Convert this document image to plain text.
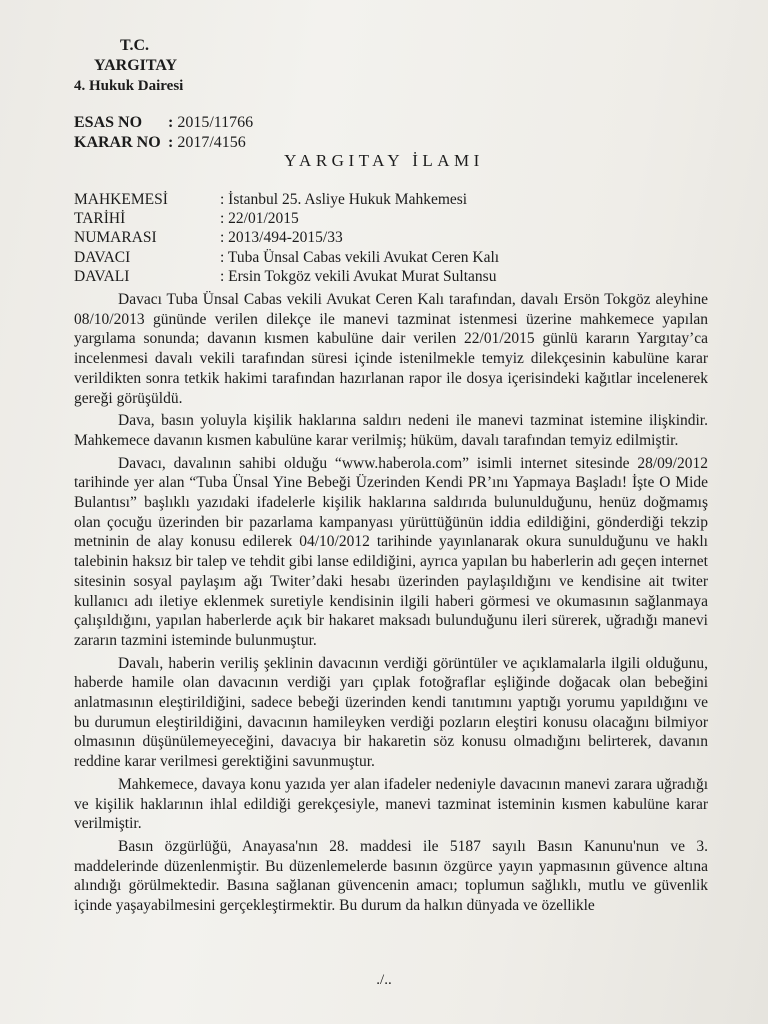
T.C.
YARGITAY
4. Hukuk Dairesi
ESAS NO	: 2015/11766
KARAR NO : 2017/4156
YARGITAY İLAMI
MAHKEMESİ	: İstanbul 25. Asliye Hukuk Mahkemesi
TARİHİ	: 22/01/2015
NUMARASI	: 2013/494-2015/33
DAVACI	: Tuba Ünsal Cabas vekili Avukat Ceren Kalı
DAVALI	: Ersin Tokgöz vekili Avukat Murat Sultansu

Davacı Tuba Ünsal Cabas vekili Avukat Ceren Kalı tarafından, davalı Ersön Tokgöz aleyhine 08/10/2013 gününde verilen dilekçe ile manevi tazminat istenmesi üzerine mahkemece yapılan yargılama sonunda; davanın kısmen kabulüne dair verilen 22/01/2015 günlü kararın Yargıtay’ca incelenmesi davalı vekili tarafından süresi içinde istenilmekle temyiz dilekçesinin kabulüne karar verildikten sonra tetkik hakimi tarafından hazırlanan rapor ile dosya içerisindeki kağıtlar incelenerek gereği görüşüldü.

Dava, basın yoluyla kişilik haklarına saldırı nedeni ile manevi tazminat istemine ilişkindir. Mahkemece davanın kısmen kabulüne karar verilmiş; hüküm, davalı tarafından temyiz edilmiştir.

Davacı, davalının sahibi olduğu “www.haberola.com” isimli internet sitesinde 28/09/2012 tarihinde yer alan “Tuba Ünsal Yine Bebeği Üzerinden Kendi PR’ını Yapmaya Başladı! İşte O Mide Bulantısı” başlıklı yazıdaki ifadelerle kişilik haklarına saldırıda bulunulduğunu, henüz doğmamış olan çocuğu üzerinden bir pazarlama kampanyası yürüttüğünün iddia edildiğini, gönderdiği tekzip metninin de alay konusu edilerek 04/10/2012 tarihinde yayınlanarak okura sunulduğunu ve haklı talebinin haksız bir talep ve tehdit gibi lanse edildiğini, ayrıca yapılan bu haberlerin adı geçen internet sitesinin sosyal paylaşım ağı Twiter’daki hesabı üzerinden paylaşıldığını ve kendisine ait twiter kullanıcı adı iletiye eklenmek suretiyle kendisinin ilgili haberi görmesi ve okumasının sağlanmaya çalışıldığını, yapılan haberlerde açık bir hakaret maksadı bulunduğunu ileri sürerek, uğradığı manevi zararın tazmini isteminde bulunmuştur.

Davalı, haberin veriliş şeklinin davacının verdiği görüntüler ve açıklamalarla ilgili olduğunu, haberde hamile olan davacının verdiği yarı çıplak fotoğraflar eşliğinde doğacak olan bebeğini anlatmasının eleştirildiğini, sadece bebeği üzerinden kendi tanıtımını yaptığı yorumu yapıldığını ve bu durumun eleştirildiğini, davacının hamileyken verdiği pozların eleştiri konusu olacağını bilmiyor olmasının düşünülemeyeceğini, davacıya bir hakaretin söz konusu olmadığını belirterek, davanın reddine karar verilmesi gerektiğini savunmuştur.

Mahkemece, davaya konu yazıda yer alan ifadeler nedeniyle davacının manevi zarara uğradığı ve kişilik haklarının ihlal edildiği gerekçesiyle, manevi tazminat isteminin kısmen kabulüne karar verilmiştir.

Basın özgürlüğü, Anayasa'nın 28. maddesi ile 5187 sayılı Basın Kanunu'nun ve 3. maddelerinde düzenlenmiştir. Bu düzenlemelerde basının özgürce yayın yapmasının güvence altına alındığı görülmektedir. Basına sağlanan güvencenin amacı; toplumun sağlıklı, mutlu ve güvenlik içinde yaşayabilmesini gerçekleştirmektir. Bu durum da halkın dünyada ve özellikle

./..
